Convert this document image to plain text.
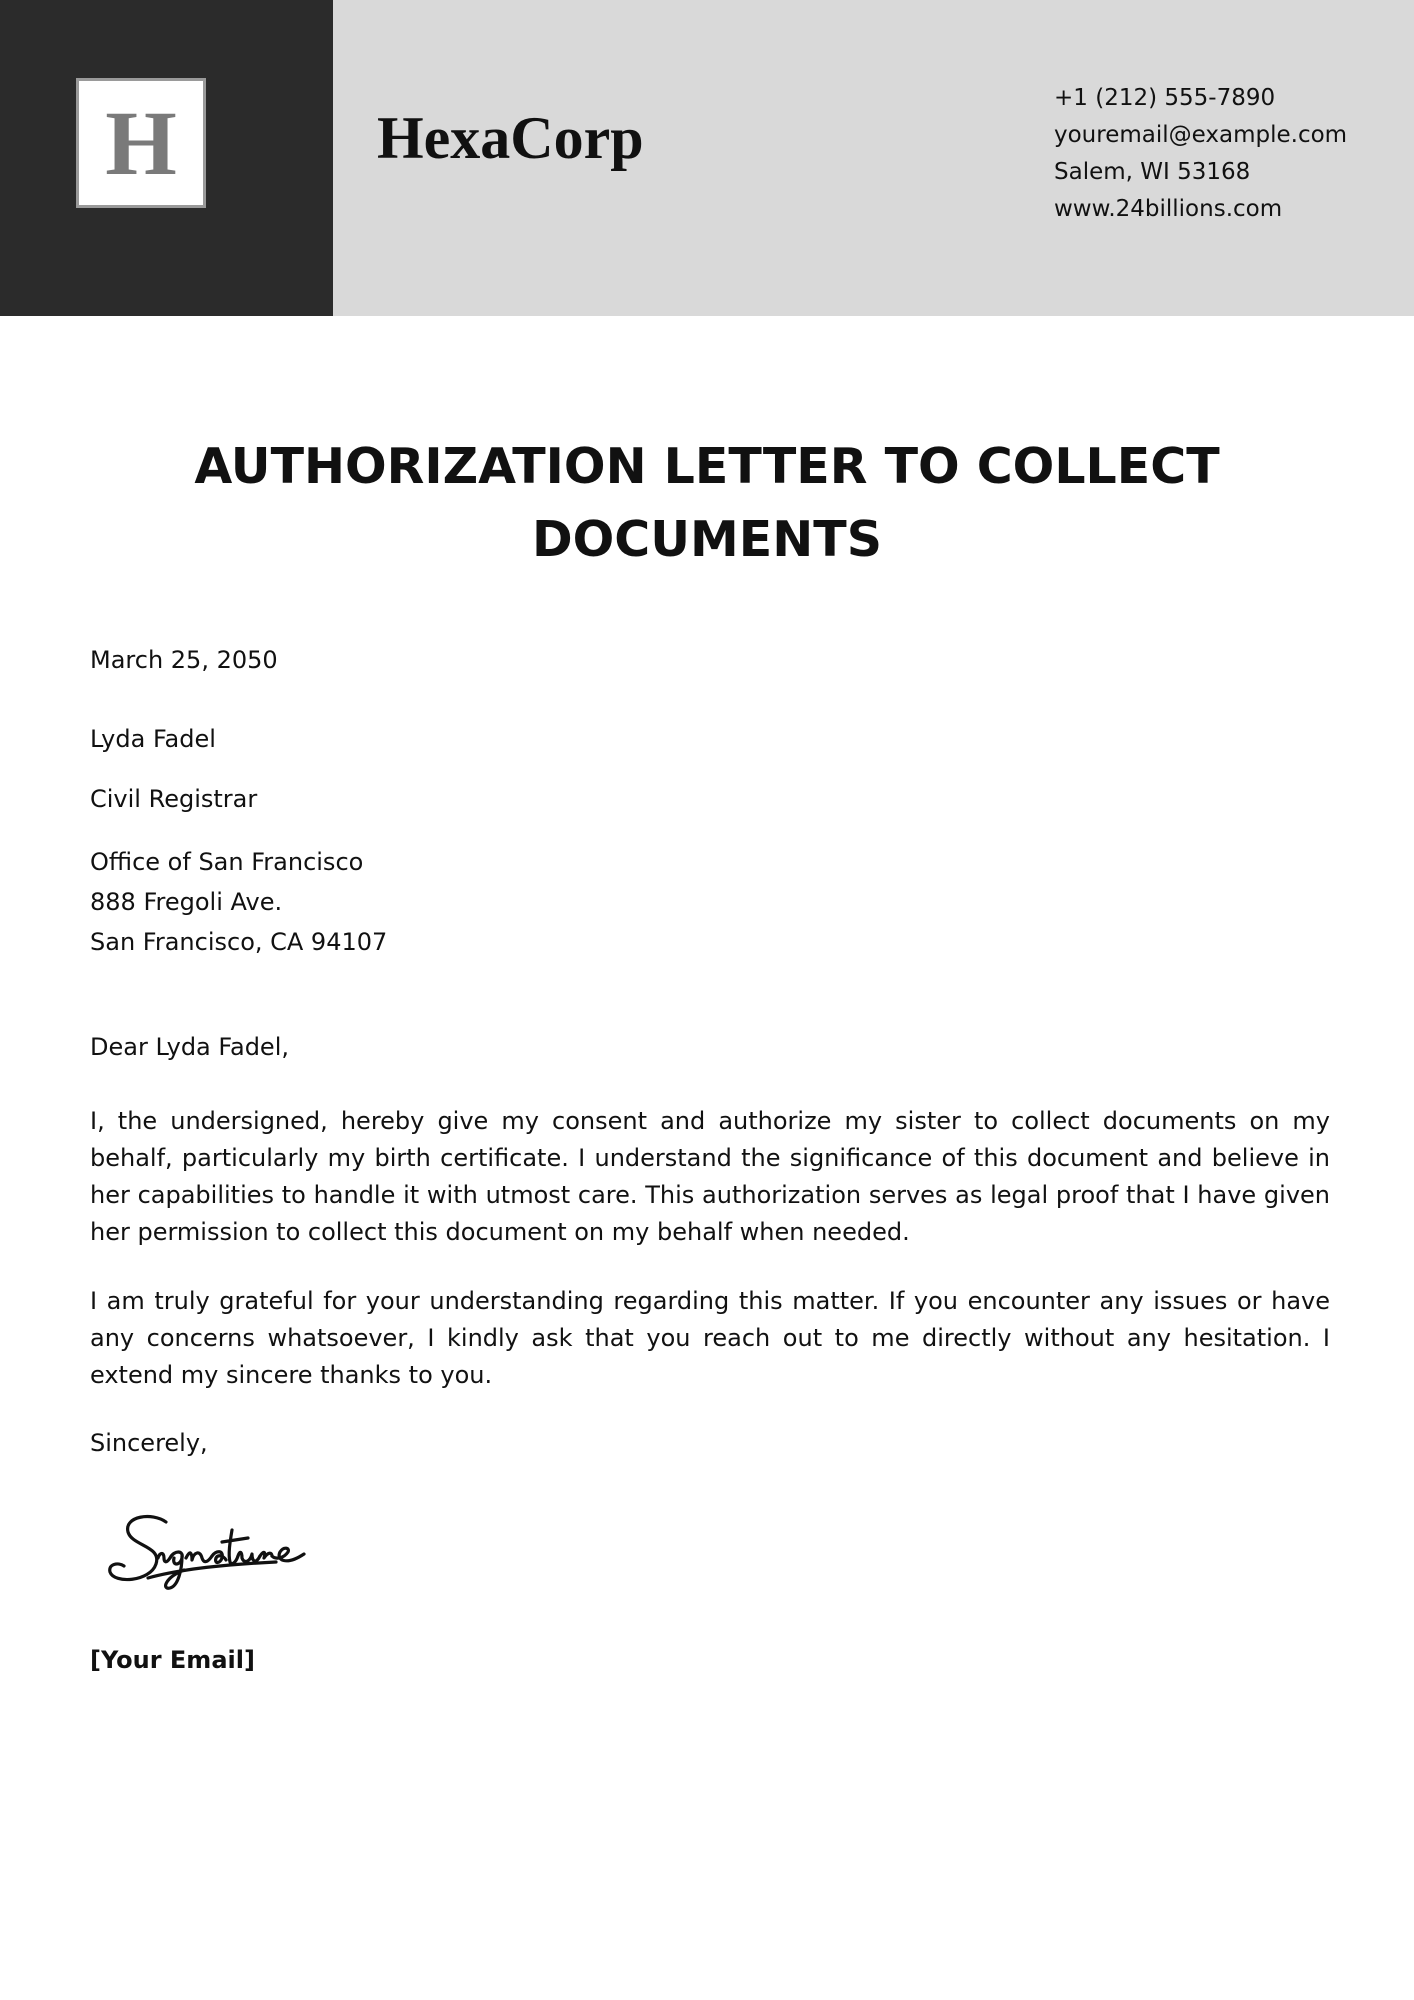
H	HexaCorp
+1 (212) 555-7890
youremail@example.com
Salem, WI 53168
www.24billions.com
AUTHORIZATION LETTER TO COLLECT DOCUMENTS
March 25, 2050
Lyda Fadel
Civil Registrar
Office of San Francisco
888 Fregoli Ave.
San Francisco, CA 94107
Dear Lyda Fadel,
I, the undersigned, hereby give my consent and authorize my sister to collect documents on my behalf, particularly my birth certificate. I understand the significance of this document and believe in her capabilities to handle it with utmost care. This authorization serves as legal proof that I have given her permission to collect this document on my behalf when needed.
I am truly grateful for your understanding regarding this matter. If you encounter any issues or have any concerns whatsoever, I kindly ask that you reach out to me directly without any hesitation. I extend my sincere thanks to you.
Sincerely,
[Your Email]
